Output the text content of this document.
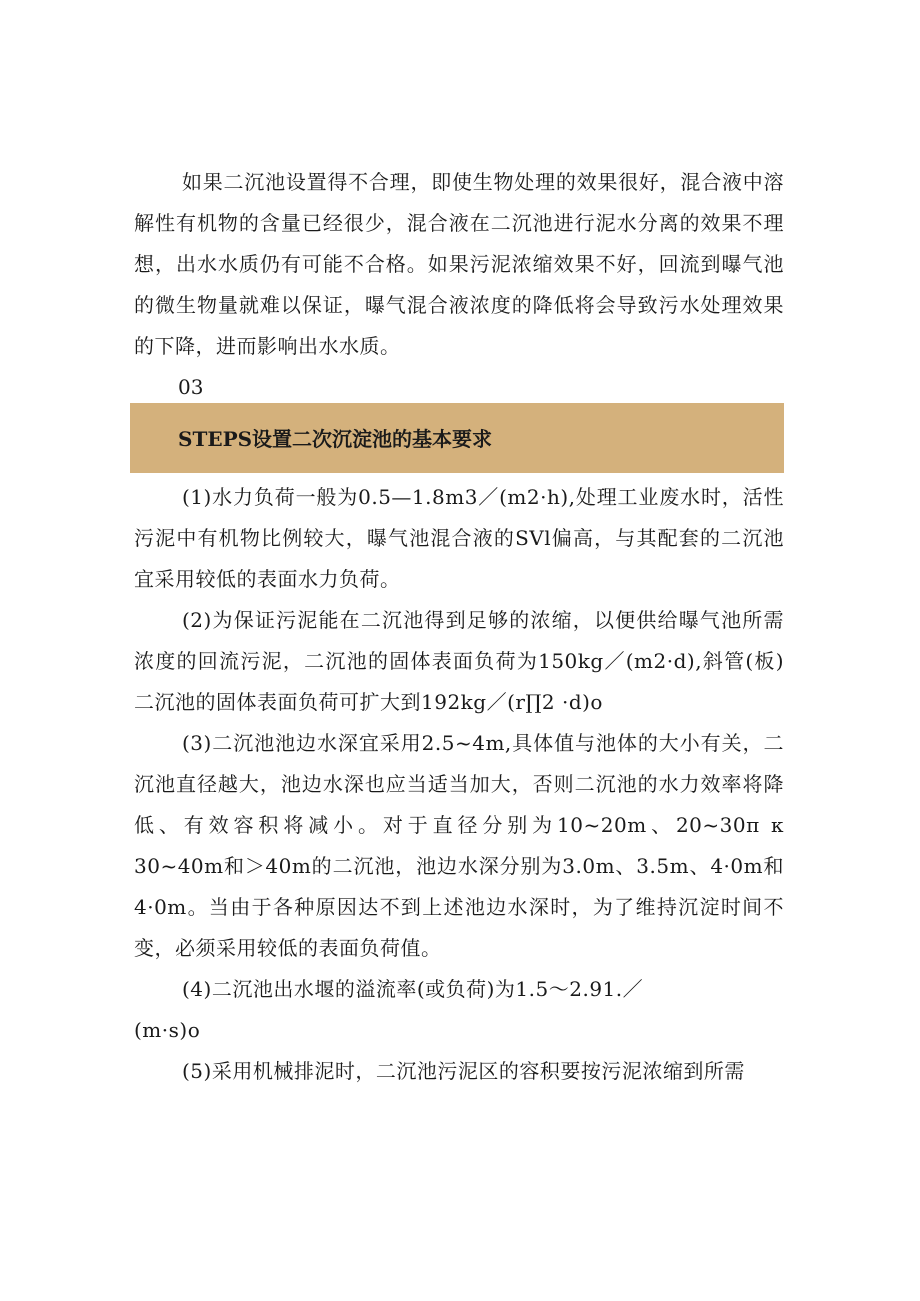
如果二沉池设置得不合理，即使生物处理的效果很好，混合液中溶解性有机物的含量已经很少，混合液在二沉池进行泥水分离的效果不理想，出水水质仍有可能不合格。如果污泥浓缩效果不好，回流到曝气池的微生物量就难以保证，曝气混合液浓度的降低将会导致污水处理效果的下降，进而影响出水水质。

03

STEPS设置二次沉淀池的基本要求

(1)水力负荷一般为0.5—1.8m3／(m2·h),处理工业废水时，活性污泥中有机物比例较大，曝气池混合液的SVl偏高，与其配套的二沉池宜采用较低的表面水力负荷。

(2)为保证污泥能在二沉池得到足够的浓缩，以便供给曝气池所需浓度的回流污泥，二沉池的固体表面负荷为150kg／(m2·d),斜管(板)二沉池的固体表面负荷可扩大到192kg／(r∏2 ·d)o

(3)二沉池池边水深宜采用2.5~4m,具体值与池体的大小有关，二沉池直径越大，池边水深也应当适当加大，否则二沉池的水力效率将降低、有效容积将减小。对于直径分别为10~20m、20~30π κ 30~40m和＞40m的二沉池，池边水深分别为3.0m、3.5m、4·0m和4·0m。当由于各种原因达不到上述池边水深时，为了维持沉淀时间不变，必须采用较低的表面负荷值。

(4)二沉池出水堰的溢流率(或负荷)为1.5～2.91.／

(m·s)o

(5)采用机械排泥时，二沉池污泥区的容积要按污泥浓缩到所需
